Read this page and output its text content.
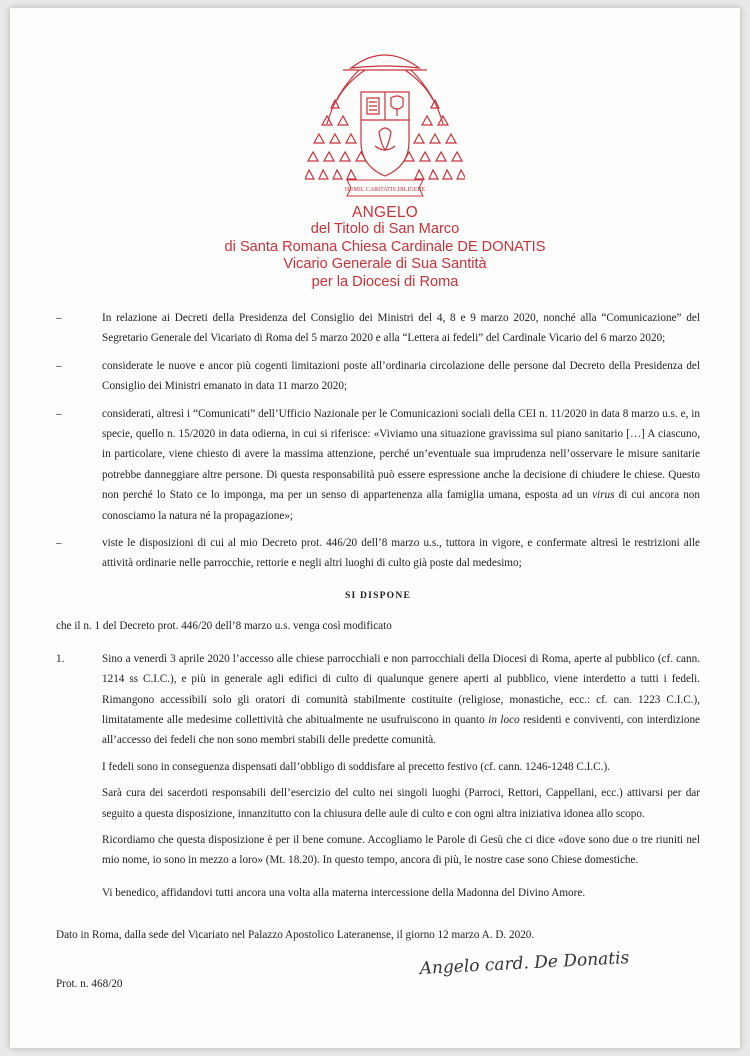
HUMIL CARITATIS DILIGERE
ANGELO
del Titolo di San Marco
di Santa Romana Chiesa Cardinale DE DONATIS
Vicario Generale di Sua Santità
per la Diocesi di Roma
–	In relazione ai Decreti della Presidenza del Consiglio dei Ministri del 4, 8 e 9 marzo 2020, nonché alla “Comunicazione” del Segretario Generale del Vicariato di Roma del 5 marzo 2020 e alla “Lettera ai fedeli” del Cardinale Vicario del 6 marzo 2020;
–	considerate le nuove e ancor più cogenti limitazioni poste all’ordinaria circolazione delle persone dal Decreto della Presidenza del Consiglio dei Ministri emanato in data 11 marzo 2020;
–	considerati, altresì i “Comunicati” dell’Ufficio Nazionale per le Comunicazioni sociali della CEI n. 11/2020 in data 8 marzo u.s. e, in specie, quello n. 15/2020 in data odierna, in cui si riferisce: «Viviamo una situazione gravissima sul piano sanitario […] A ciascuno, in particolare, viene chiesto di avere la massima attenzione, perché un’eventuale sua imprudenza nell’osservare le misure sanitarie potrebbe danneggiare altre persone. Di questa responsabilità può essere espressione anche la decisione di chiudere le chiese. Questo non perché lo Stato ce lo imponga, ma per un senso di appartenenza alla famiglia umana, esposta ad un virus di cui ancora non conosciamo la natura né la propagazione»;
–	viste le disposizioni di cui al mio Decreto prot. 446/20 dell’8 marzo u.s., tuttora in vigore, e confermate altresì le restrizioni alle attività ordinarie nelle parrocchie, rettorie e negli altri luoghi di culto già poste dal medesimo;
SI DISPONE
che il n. 1 del Decreto prot. 446/20 dell’8 marzo u.s. venga così modificato
1.	Sino a venerdì 3 aprile 2020 l’accesso alle chiese parrocchiali e non parrocchiali della Diocesi di Roma, aperte al pubblico (cf. cann. 1214 ss C.I.C.), e più in generale agli edifici di culto di qualunque genere aperti al pubblico, viene interdetto a tutti i fedeli. Rimangono accessibili solo gli oratori di comunità stabilmente costituite (religiose, monastiche, ecc.: cf. can. 1223 C.I.C.), limitatamente alle medesime collettività che abitualmente ne usufruiscono in quanto in loco residenti e conviventi, con interdizione all’accesso dei fedeli che non sono membri stabili delle predette comunità.
I fedeli sono in conseguenza dispensati dall’obbligo di soddisfare al precetto festivo (cf. cann. 1246-1248 C.I.C.).
Sarà cura dei sacerdoti responsabili dell’esercizio del culto nei singoli luoghi (Parroci, Rettori, Cappellani, ecc.) attivarsi per dar seguito a questa disposizione, innanzitutto con la chiusura delle aule di culto e con ogni altra iniziativa idonea allo scopo.
Ricordiamo che questa disposizione è per il bene comune. Accogliamo le Parole di Gesù che ci dice «dove sono due o tre riuniti nel mio nome, io sono in mezzo a loro» (Mt. 18.20). In questo tempo, ancora di più, le nostre case sono Chiese domestiche.
Vi benedico, affidandovi tutti ancora una volta alla materna intercessione della Madonna del Divino Amore.
Dato in Roma, dalla sede del Vicariato nel Palazzo Apostolico Lateranense, il giorno 12 marzo A. D. 2020.
Angelo card. De Donatis
Prot. n. 468/20
